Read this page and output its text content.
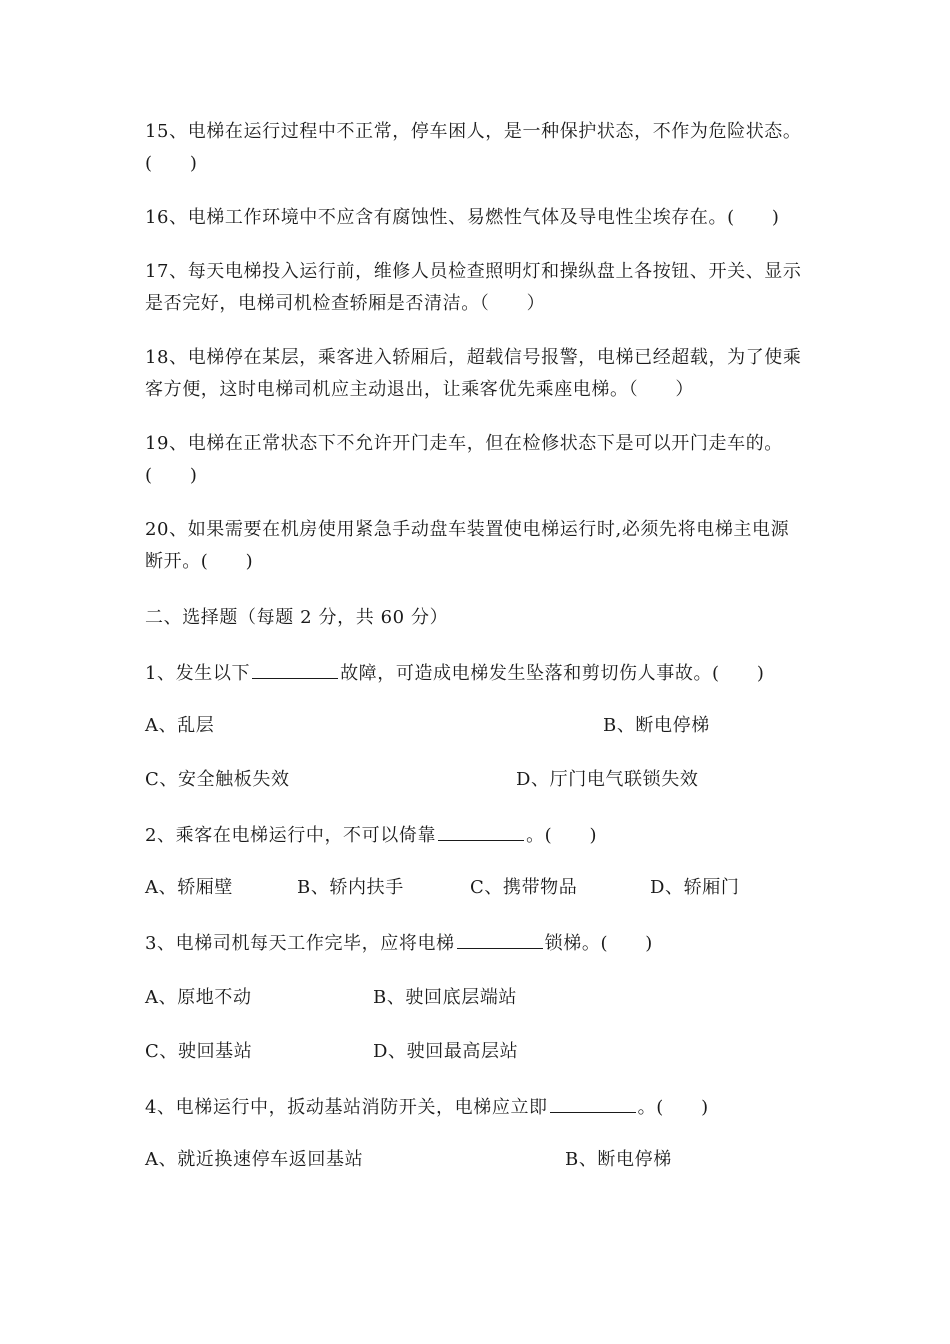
15、电梯在运行过程中不正常，停车困人，是一种保护状态，不作为危险状态。
(　　)
16、电梯工作环境中不应含有腐蚀性、易燃性气体及导电性尘埃存在。(　　)
17、每天电梯投入运行前，维修人员检查照明灯和操纵盘上各按钮、开关、显示
是否完好，电梯司机检查轿厢是否清洁。（　　）
18、电梯停在某层，乘客进入轿厢后，超载信号报警，电梯已经超载，为了使乘
客方便，这时电梯司机应主动退出，让乘客优先乘座电梯。（　　）
19、电梯在正常状态下不允许开门走车，但在检修状态下是可以开门走车的。
(　　)
20、如果需要在机房使用紧急手动盘车装置使电梯运行时,必须先将电梯主电源
断开。(　　)
二、选择题（每题 2 分，共 60 分）
1、发生以下	故障，可造成电梯发生坠落和剪切伤人事故。(　　)
A、乱层	B、断电停梯
C、安全触板失效	D、厅门电气联锁失效
2、乘客在电梯运行中，不可以倚靠	。(　　)
A、轿厢壁	B、轿内扶手	C、携带物品	D、轿厢门
3、电梯司机每天工作完毕，应将电梯	锁梯。(　　)
A、原地不动	B、驶回底层端站
C、驶回基站	D、驶回最高层站
4、电梯运行中，扳动基站消防开关，电梯应立即	。(　　)
A、就近换速停车返回基站	B、断电停梯
